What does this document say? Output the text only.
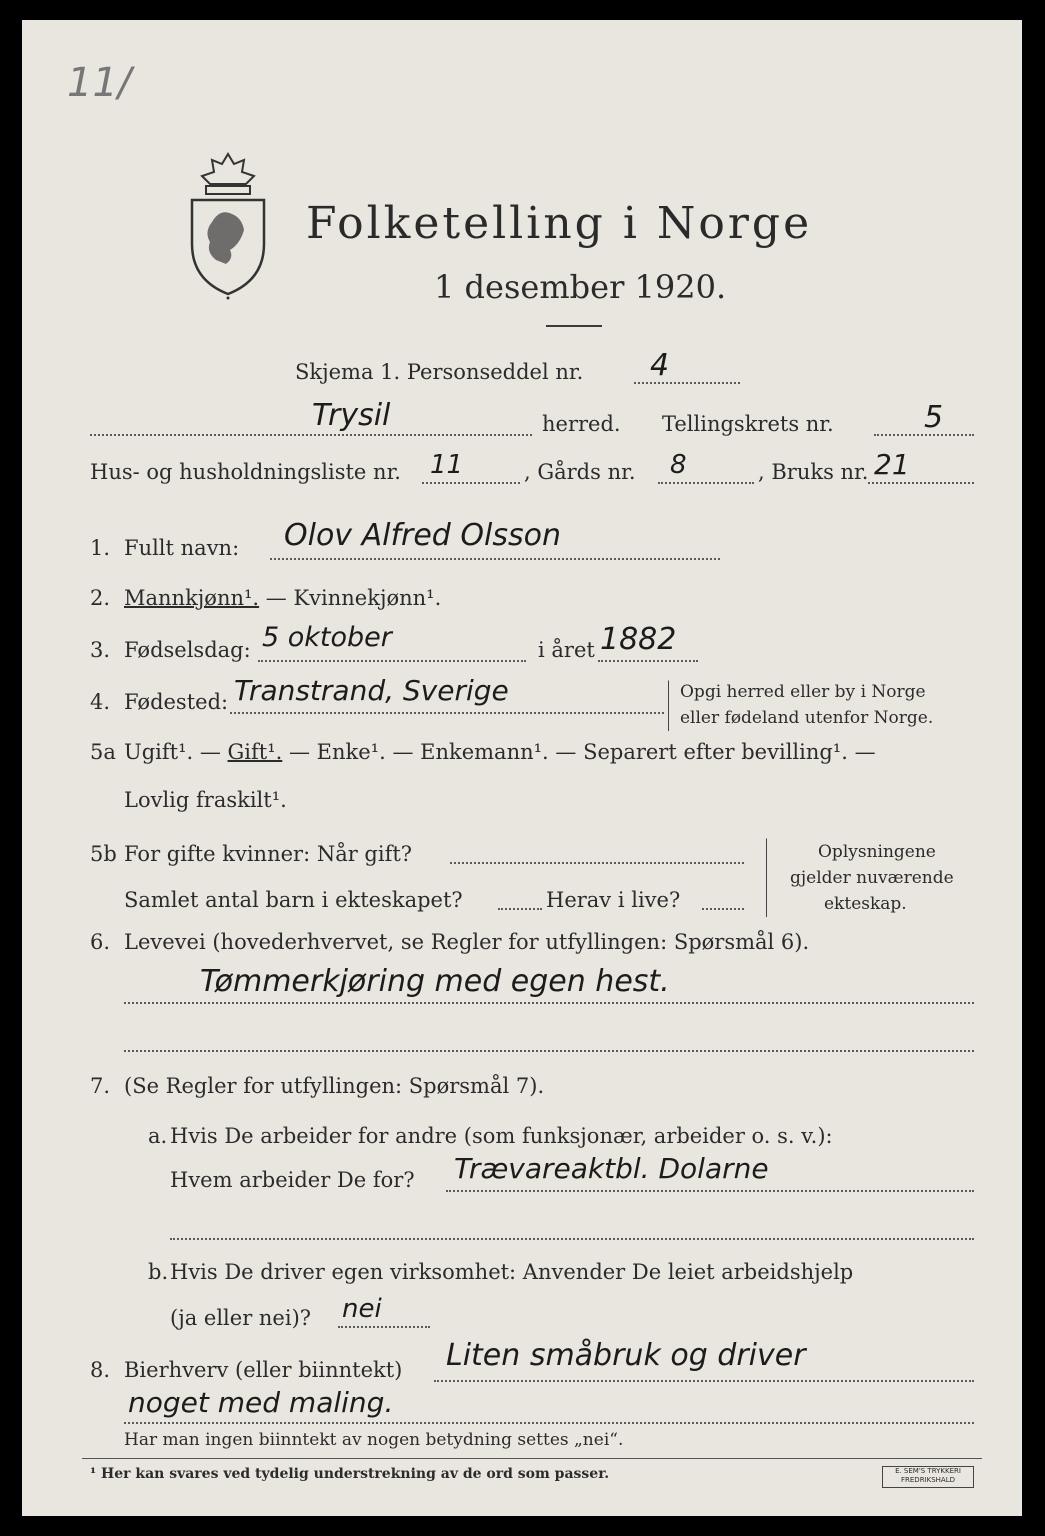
11/
Folketelling i Norge
1 desember 1920.
Skjema 1. Personseddel nr. 4
Trysil	herred. Tellingskrets nr.	5
Hus- og husholdningsliste nr. 11	, Gårds nr. 8	, Bruks nr. 21
1. Fullt navn: Olov Alfred Olsson
2. Mannkjønn¹. — Kvinnekjønn¹.
3. Fødselsdag: 5 oktober	i året 1882
4. Fødested: Transtrand, Sverige	Opgi herred eller by i Norge
eller fødeland utenfor Norge.
5a Ugift¹. — Gift¹. — Enke¹. — Enkemann¹. — Separert efter bevilling¹. —
Lovlig fraskilt¹.
5b For gifte kvinner: Når gift?
Samlet antal barn i ekteskapet?	Herav i live?
Oplysningene
gjelder nuværende
ekteskap.
6. Levevei (hovederhvervet, se Regler for utfyllingen: Spørsmål 6).
Tømmerkjøring med egen hest.
7. (Se Regler for utfyllingen: Spørsmål 7).
a. Hvis De arbeider for andre (som funksjonær, arbeider o. s. v.):
Hvem arbeider De for? Trævareaktbl. Dolarne
b. Hvis De driver egen virksomhet: Anvender De leiet arbeidshjelp
(ja eller nei)? nei
8. Bierhverv (eller biinntekt) Liten småbruk og driver
noget med maling.
Har man ingen biinntekt av nogen betydning settes „nei“.
¹ Her kan svares ved tydelig understrekning av de ord som passer.	E. SEM'S TRYKKERI
FREDRIKSHALD
